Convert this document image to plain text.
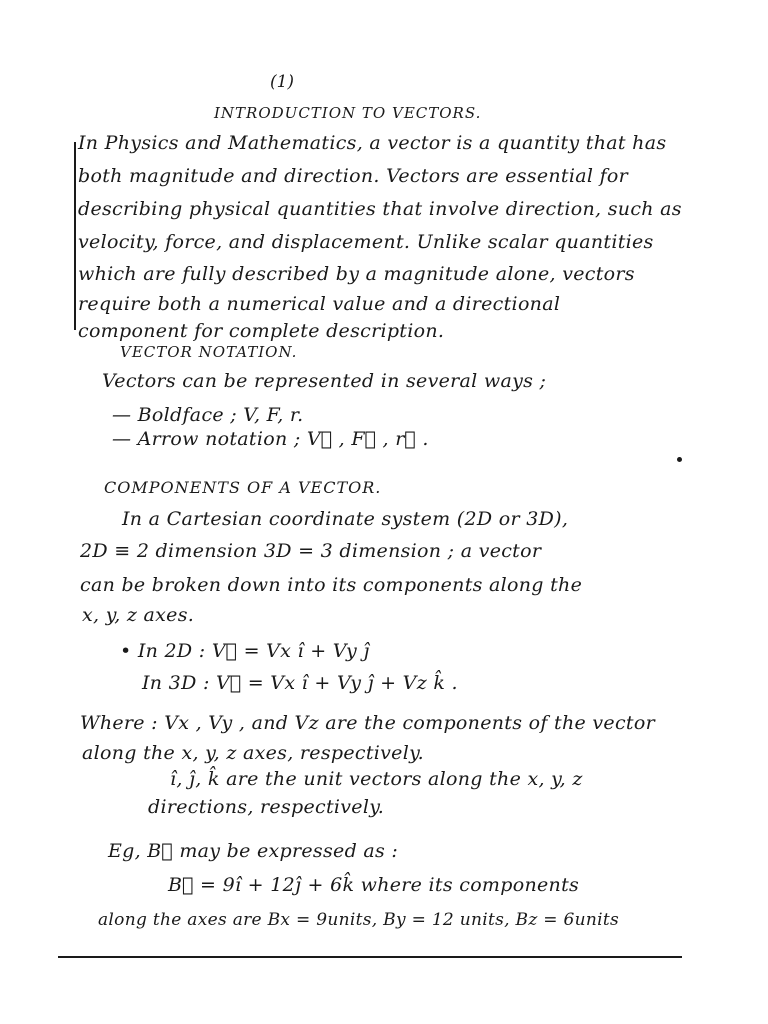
(1)
INTRODUCTION TO VECTORS.
In Physics and Mathematics, a vector is a quantity that has
both magnitude and direction. Vectors are essential for
describing physical quantities that involve direction, such as
velocity, force, and displacement. Unlike scalar quantities
which are fully described by a magnitude alone, vectors
require both a numerical value and a directional
component for complete description.
VECTOR NOTATION.
Vectors can be represented in several ways ;
— Boldface ; V, F, r.
— Arrow notation ; V⃗ , F⃗ , r⃗ .
COMPONENTS OF A VECTOR.
In a Cartesian coordinate system (2D or 3D),
2D ≡ 2 dimension 3D = 3 dimension ; a vector
can be broken down into its components along the
x, y, z axes.
• In 2D : V⃗ = Vx î + Vy ĵ
In 3D : V⃗ = Vx î + Vy ĵ + Vz k̂ .
Where : Vx , Vy , and Vz are the components of the vector
along the x, y, z axes, respectively.
î, ĵ, k̂ are the unit vectors along the x, y, z
directions, respectively.
Eg, B⃗ may be expressed as :
B⃗ = 9î + 12ĵ + 6k̂ where its components
along the axes are Bx = 9units, By = 12 units, Bz = 6units
